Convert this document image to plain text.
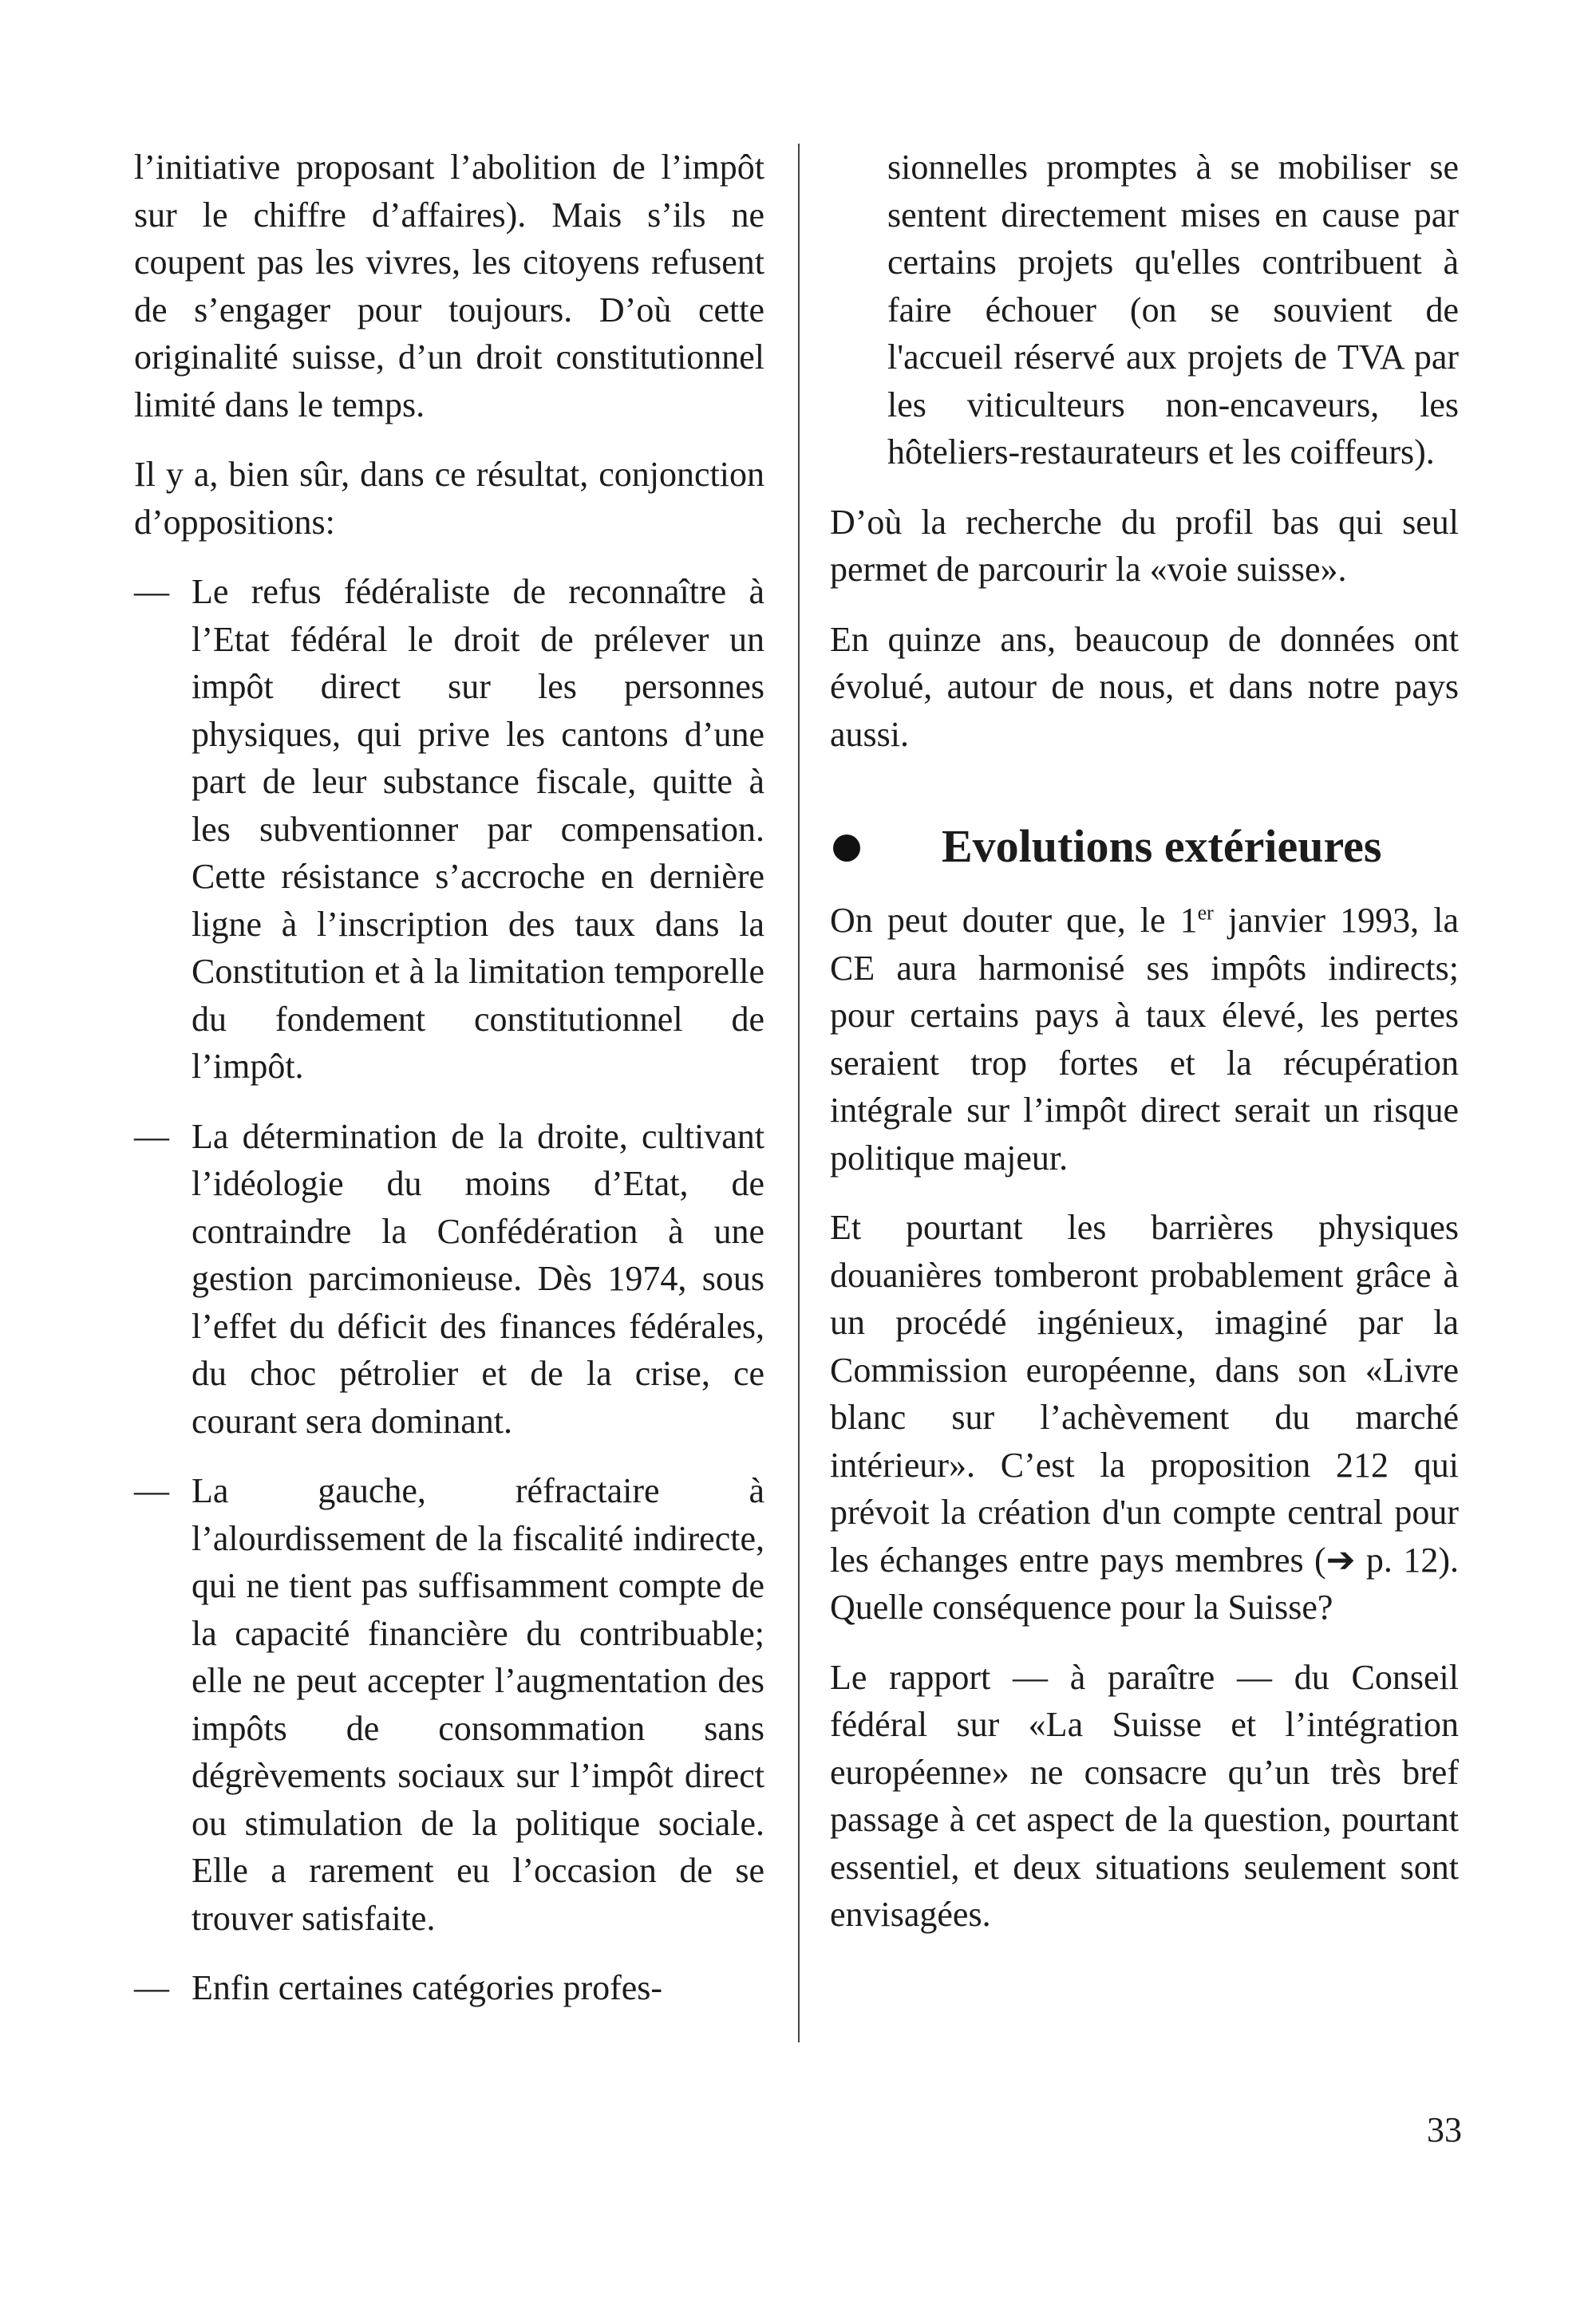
l’initiative proposant l’abolition de l’impôt sur le chiffre d’affaires). Mais s’ils ne coupent pas les vivres, les citoyens refusent de s’engager pour toujours. D’où cette originalité suisse, d’un droit constitutionnel limité dans le temps.

Il y a, bien sûr, dans ce résultat, conjonction d’oppositions:

— Le refus fédéraliste de reconnaître à l’Etat fédéral le droit de prélever un impôt direct sur les personnes physiques, qui prive les cantons d’une part de leur substance fiscale, quitte à les subventionner par compensation. Cette résistance s’accroche en dernière ligne à l’inscription des taux dans la Constitution et à la limitation temporelle du fondement constitutionnel de l’impôt.
— La détermination de la droite, cultivant l’idéologie du moins d’Etat, de contraindre la Confédération à une gestion parcimonieuse. Dès 1974, sous l’effet du déficit des finances fédérales, du choc pétrolier et de la crise, ce courant sera dominant.
— La gauche, réfractaire à l’alourdissement de la fiscalité indirecte, qui ne tient pas suffisamment compte de la capacité financière du contribuable; elle ne peut accepter l’augmentation des impôts de consommation sans dégrèvements sociaux sur l’impôt direct ou stimulation de la politique sociale. Elle a rarement eu l’occasion de se trouver satisfaite.
— Enfin certaines catégories profes-
sionnelles promptes à se mobiliser se sentent directement mises en cause par certains projets qu'elles contribuent à faire échouer (on se souvient de l'accueil réservé aux projets de TVA par les viticulteurs non-encaveurs, les hôteliers-restaurateurs et les coiffeurs).

D’où la recherche du profil bas qui seul permet de parcourir la «voie suisse».

En quinze ans, beaucoup de données ont évolué, autour de nous, et dans notre pays aussi.

Evolutions extérieures

On peut douter que, le 1er janvier 1993, la CE aura harmonisé ses impôts indirects; pour certains pays à taux élevé, les pertes seraient trop fortes et la récupération intégrale sur l’impôt direct serait un risque politique majeur.

Et pourtant les barrières physiques douanières tomberont probablement grâce à un procédé ingénieux, imaginé par la Commission européenne, dans son «Livre blanc sur l’achèvement du marché intérieur». C’est la proposition 212 qui prévoit la création d'un compte central pour les échanges entre pays membres (➔ p. 12). Quelle conséquence pour la Suisse?

Le rapport — à paraître — du Conseil fédéral sur «La Suisse et l’intégration européenne» ne consacre qu’un très bref passage à cet aspect de la question, pourtant essentiel, et deux situations seulement sont envisagées.

33
